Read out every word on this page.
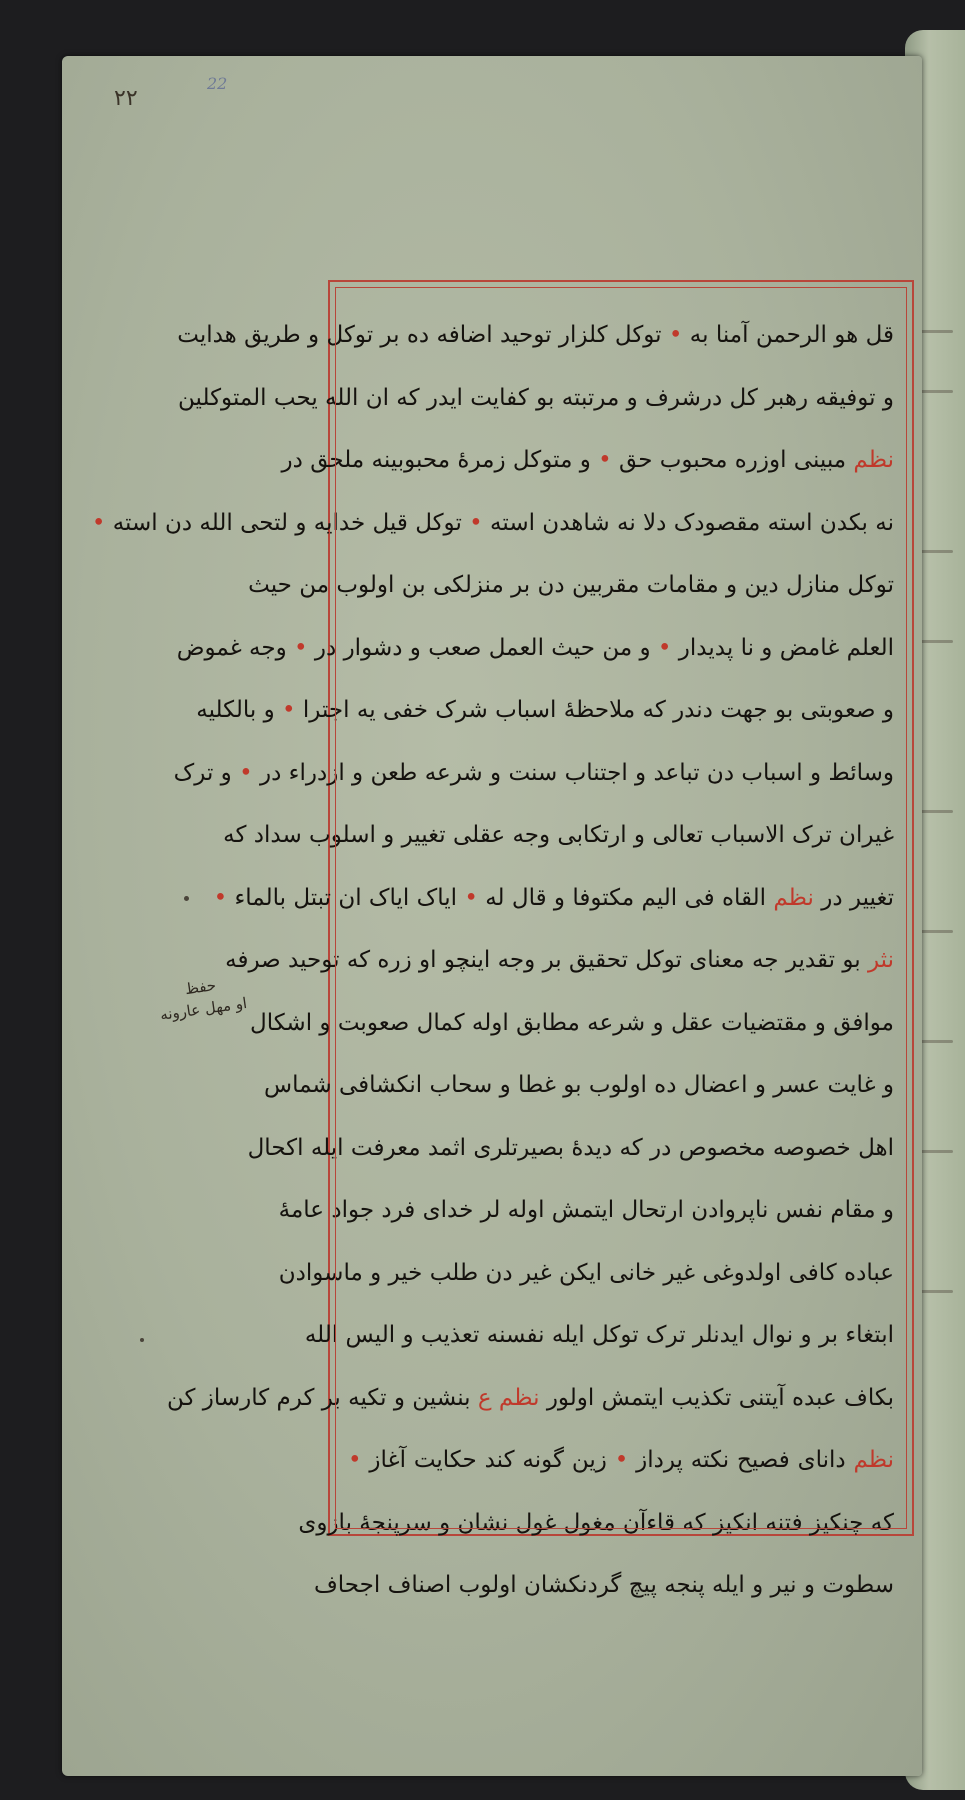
۲۲
22
حفظ
او مهل عارونه
قل هو الرحمن آمنا به • توکل کلزار توحید اضافه ده بر توکل و طریق هدایت
و توفیقه رهبر کل درشرف و مرتبته بو کفایت ایدر که ان الله یحب المتوکلین
نظم مبینی اوزره محبوب حق • و متوکل زمرهٔ محبوبینه ملحق در
نه بکدن استه مقصودک دلا نه شاهدن استه • توکل قیل خدایه و لتحی الله دن استه •
توکل منازل دین و مقامات مقربین دن بر منزلکی بن اولوب من حیث
العلم غامض و نا پدیدار • و من حیث العمل صعب و دشوار در • وجه غموض
و صعوبتی بو جهت دندر که ملاحظهٔ اسباب شرک خفی یه اجترا • و بالکلیه
وسائط و اسباب دن تباعد و اجتناب سنت و شرعه طعن و ازدراء در • و ترک
غیران ترک الاسباب تعالی و ارتکابی وجه عقلی تغییر و اسلوب سداد که
تغییر در نظم القاه فی الیم مکتوفا و قال له • ایاک ایاک ان تبتل بالماء •
نثر بو تقدیر جه معنای توکل تحقیق بر وجه اینچو او زره که توحید صرفه
موافق و مقتضیات عقل و شرعه مطابق اوله کمال صعوبت و اشکال
و غایت عسر و اعضال ده اولوب بو غطا و سحاب انکشافی شماس
اهل خصوصه مخصوص در که دیدهٔ بصیرتلری اثمد معرفت ایله اکحال
و مقام نفس ناپروادن ارتحال ایتمش اوله لر خدای فرد جواد عامهٔ
عباده کافی اولدوغی غیر خانی ایکن غیر دن طلب خیر و ماسوادن
ابتغاء بر و نوال ایدنلر ترک توکل ایله نفسنه تعذیب و الیس الله
بکاف عبده آیتنی تکذیب ایتمش اولور نظم ع بنشین و تکیه بر کرم کارساز کن
نظم دانای فصیح نکته پرداز • زین گونه کند حکایت آغاز •
که چنکیز فتنه انکیز که قاءآن مغول غول نشان و سرپنجهٔ بازوی
سطوت و نیر و ایله پنجه پیچ گردنکشان اولوب اصناف اجحاف
